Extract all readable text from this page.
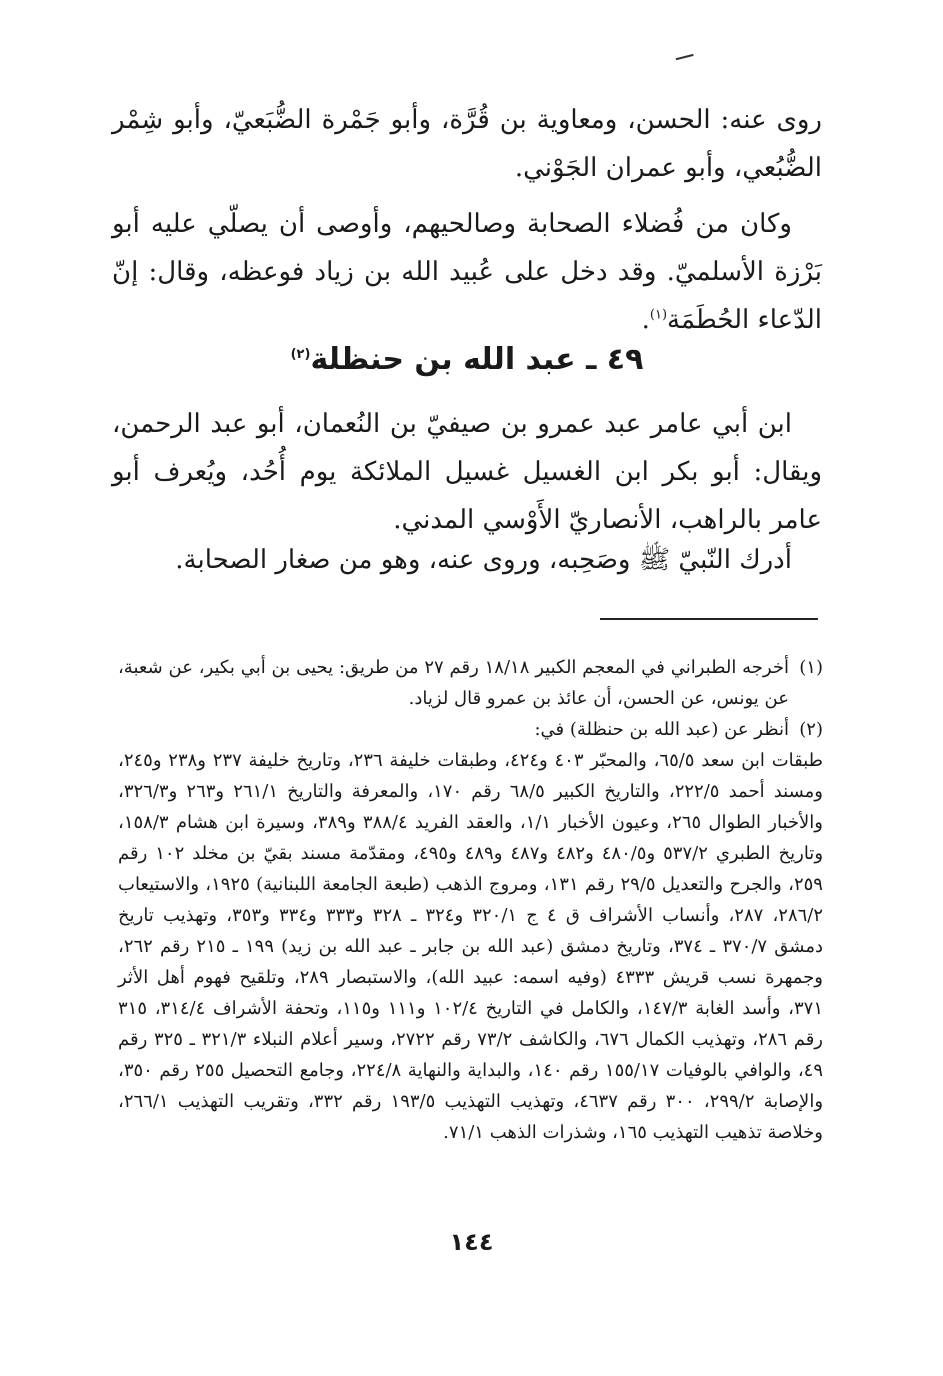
روى عنه: الحسن، ومعاوية بن قُرَّة، وأبو جَمْرة الضُّبَعيّ، وأبو شِمْر الضُّبُعي، وأبو عمران الجَوْني.

وكان من فُضلاء الصحابة وصالحيهم، وأوصى أن يصلّي عليه أبو بَرْزة الأسلميّ. وقد دخل على عُبيد الله بن زياد فوعظه، وقال: إنّ الدّعاء الحُطَمَة$^{(١)}$.

٤٩ ـ عبد الله بن حنظلة$^{(٢)}$

ابن أبي عامر عبد عمرو بن صيفيّ بن النُعمان، أبو عبد الرحمن، ويقال: أبو بكر ابن الغسيل غسيل الملائكة يوم أُحُد، ويُعرف أبو عامر بالراهب، الأنصاريّ الأَوْسي المدني.

أدرك النّبيّ ﷺ وصَحِبه، وروى عنه، وهو من صغار الصحابة.

(١)
أخرجه الطبراني في المعجم الكبير ١٨/١٨ رقم ٢٧ من طريق: يحيى بن أبي بكير، عن شعبة، عن يونس، عن الحسن، أن عائذ بن عمرو قال لزياد.
(٢)
أنظر عن (عبد الله بن حنظلة) في:

طبقات ابن سعد ٦٥/٥، والمحبّر ٤٠٣ و٤٢٤، وطبقات خليفة ٢٣٦، وتاريخ خليفة ٢٣٧ و٢٣٨ و٢٤٥، ومسند أحمد ٢٢٢/٥، والتاريخ الكبير ٦٨/٥ رقم ١٧٠، والمعرفة والتاريخ ٢٦١/١ و٢٦٣ و٣٢٦/٣، والأخبار الطوال ٢٦٥، وعيون الأخبار ١/١، والعقد الفريد ٣٨٨/٤ و٣٨٩، وسيرة ابن هشام ١٥٨/٣، وتاريخ الطبري ٥٣٧/٢ و٤٨٠/٥ و٤٨٢ و٤٨٧ و٤٨٩ و٤٩٥، ومقدّمة مسند بقيّ بن مخلد ١٠٢ رقم ٢٥٩، والجرح والتعديل ٢٩/٥ رقم ١٣١، ومروج الذهب (طبعة الجامعة اللبنانية) ١٩٢٥، والاستيعاب ٢٨٦/٢، ٢٨٧، وأنساب الأشراف ق ٤ ج ٣٢٠/١ و٣٢٤ ـ ٣٢٨ و٣٣٣ و٣٣٤ و٣٥٣، وتهذيب تاريخ دمشق ٣٧٠/٧ ـ ٣٧٤، وتاريخ دمشق (عبد الله بن جابر ـ عبد الله بن زيد) ١٩٩ ـ ٢١٥ رقم ٢٦٢، وجمهرة نسب قريش ٤٣٣٣ (وفيه اسمه: عبيد الله)، والاستبصار ٢٨٩، وتلقيح فهوم أهل الأثر ٣٧١، وأسد الغابة ١٤٧/٣، والكامل في التاريخ ١٠٢/٤ و١١١ و١١٥، وتحفة الأشراف ٣١٤/٤، ٣١٥ رقم ٢٨٦، وتهذيب الكمال ٦٧٦، والكاشف ٧٣/٢ رقم ٢٧٢٢، وسير أعلام النبلاء ٣٢١/٣ ـ ٣٢٥ رقم ٤٩، والوافي بالوفيات ١٥٥/١٧ رقم ١٤٠، والبداية والنهاية ٢٢٤/٨، وجامع التحصيل ٢٥٥ رقم ٣٥٠، والإصابة ٢٩٩/٢، ٣٠٠ رقم ٤٦٣٧، وتهذيب التهذيب ١٩٣/٥ رقم ٣٣٢، وتقريب التهذيب ٢٦٦/١، وخلاصة تذهيب التهذيب ١٦٥، وشذرات الذهب ٧١/١.

١٤٤
